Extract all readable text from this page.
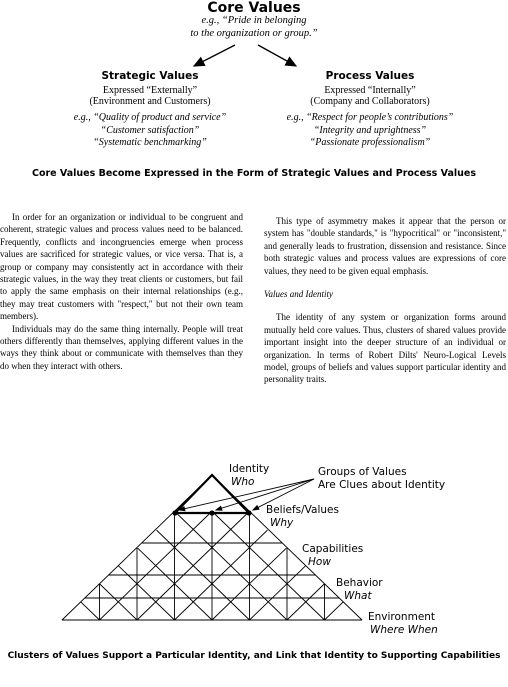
Core Values
e.g., “Pride in belonging
to the organization or group.”
Strategic Values
Expressed “Externally”
(Environment and Customers)
e.g., “Quality of product and service”
“Customer satisfaction”
“Systematic benchmarking”
Process Values
Expressed “Internally”
(Company and Collaborators)
e.g., “Respect for people’s contributions”
“Integrity and uprightness”
“Passionate professionalism”
Core Values Become Expressed in the Form of Strategic Values and Process Values

In order for an organization or individual to be congruent and coherent, strategic values and process values need to be balanced. Frequently, conflicts and incongruencies emerge when process values are sacrificed for strategic values, or vice versa. That is, a group or company may consistently act in accordance with their strategic values, in the way they treat clients or customers, but fail to apply the same emphasis on their internal relationships (e.g., they may treat customers with "respect," but not their own team members).

Individuals may do the same thing internally. People will treat others differently than themselves, applying different values in the ways they think about or communicate with themselves than they do when they interact with others.

This type of asymmetry makes it appear that the person or system has "double standards," is "hypocritical" or "inconsistent," and generally leads to frustration, dissension and resistance. Since both strategic values and process values are expressions of core values, they need to be given equal emphasis.

Values and Identity

The identity of any system or organization forms around mutually held core values. Thus, clusters of shared values provide important insight into the deeper structure of an individual or organization. In terms of Robert Dilts' Neuro-Logical Levels model, groups of beliefs and values support particular identity and personality traits.

Identity
Who
Groups of Values
Are Clues about Identity
Beliefs/Values
Why
Capabilities
How
Behavior
What
Environment
Where When
Clusters of Values Support a Particular Identity, and Link that Identity to Supporting Capabilities
